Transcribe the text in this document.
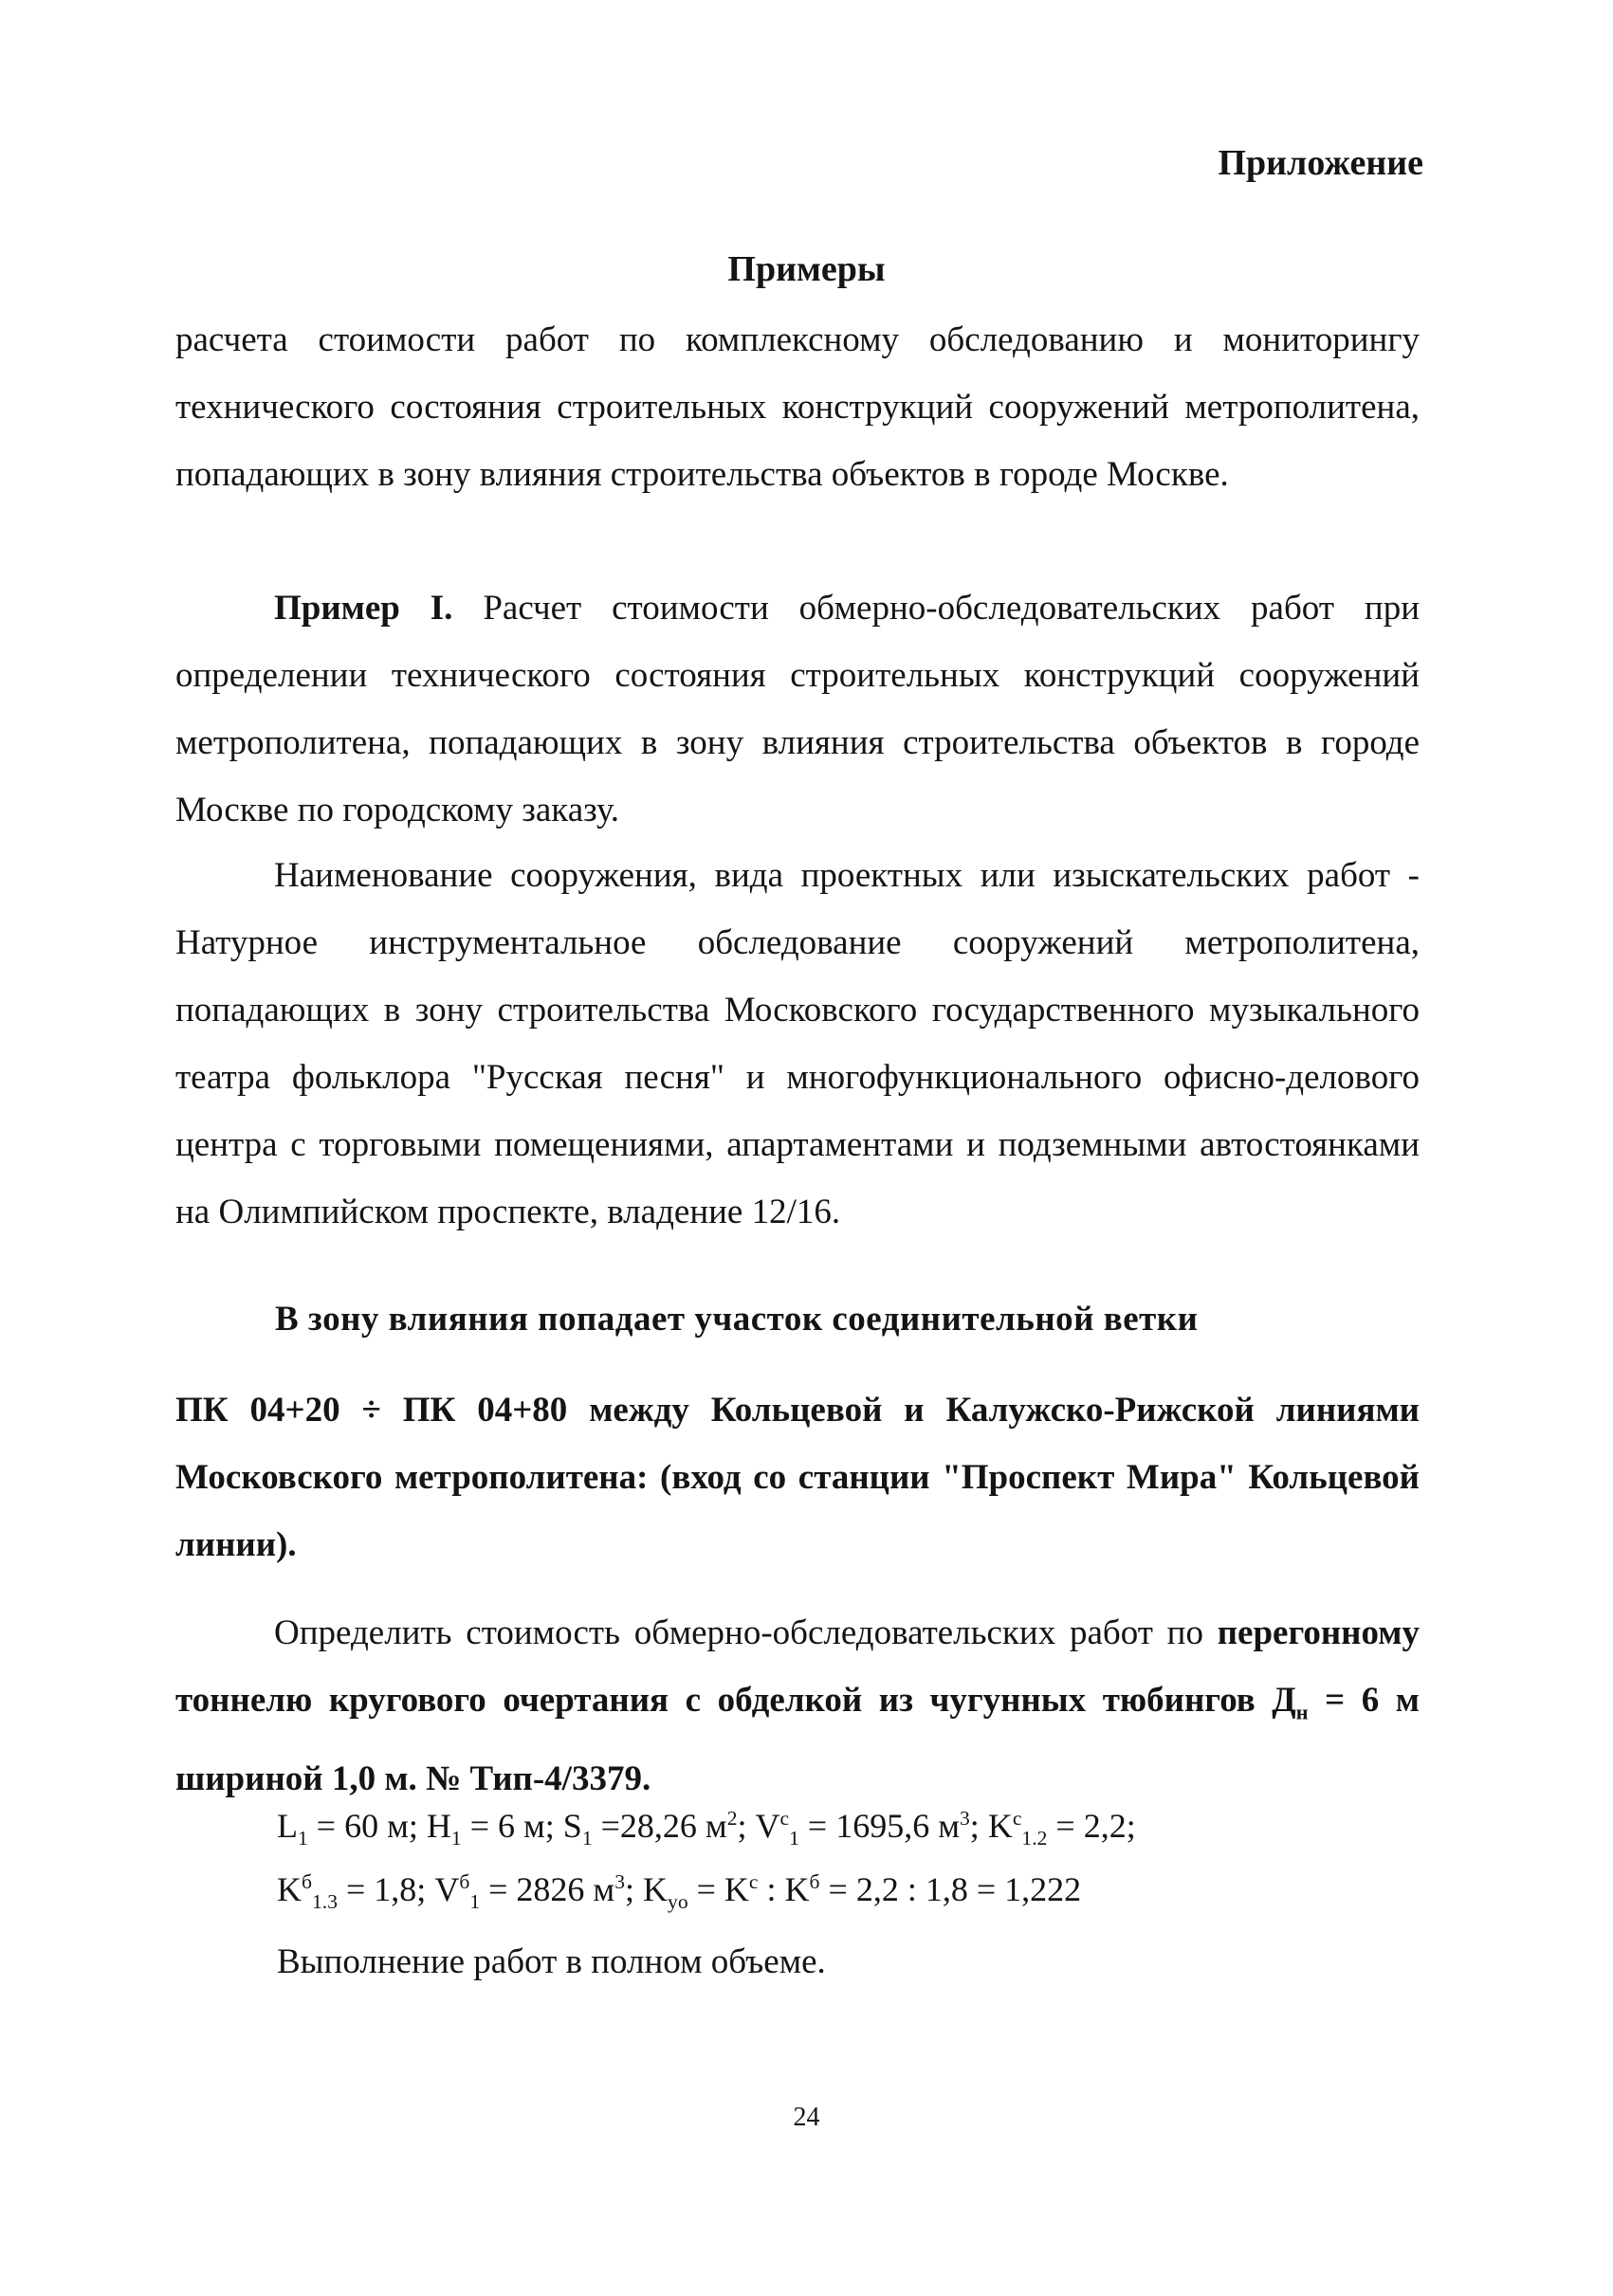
Приложение
Примеры

расчета стоимости работ по комплексному обследованию и мониторингу технического состояния строительных конструкций сооружений метрополитена, попадающих в зону влияния строительства объектов в городе Москве.

Пример I. Расчет стоимости обмерно-обследовательских работ при определении технического состояния строительных конструкций сооружений метрополитена, попадающих в зону влияния строительства объектов в городе Москве по городскому заказу.

Наименование сооружения, вида проектных или изыскательских работ - Натурное инструментальное обследование сооружений метрополитена, попадающих в зону строительства Московского государственного музыкального театра фольклора "Русская песня" и многофункционального офисно-делового центра с торговыми помещениями, апартаментами и подземными автостоянками на Олимпийском проспекте, владение 12/16.

В зону влияния попадает участок соединительной ветки

ПК 04+20 ÷ ПК 04+80 между Кольцевой и Калужско-Рижской линиями Московского метрополитена: (вход со станции "Проспект Мира" Кольцевой линии).

Определить стоимость обмерно-обследовательских работ по перегонному тоннелю кругового очертания с обделкой из чугунных тюбингов $Д_н = 6$ м шириной 1,0 м. № Тип-4/3379.

$L_1 = 60$ м; $H_1 = 6$ м; $S_1 =28,26$ $м^2$; $V^c_1 = 1695,6$ $м^3$; $K^c_{1.2} = 2,2$;
$K^б_{1.3} = 1,8$; $V^б_1 = 2826$ $м^3$; $K_{yo} = K^c$ : $K^б = 2,2$ : 1,8 = 1,222
Выполнение работ в полном объеме.
24
